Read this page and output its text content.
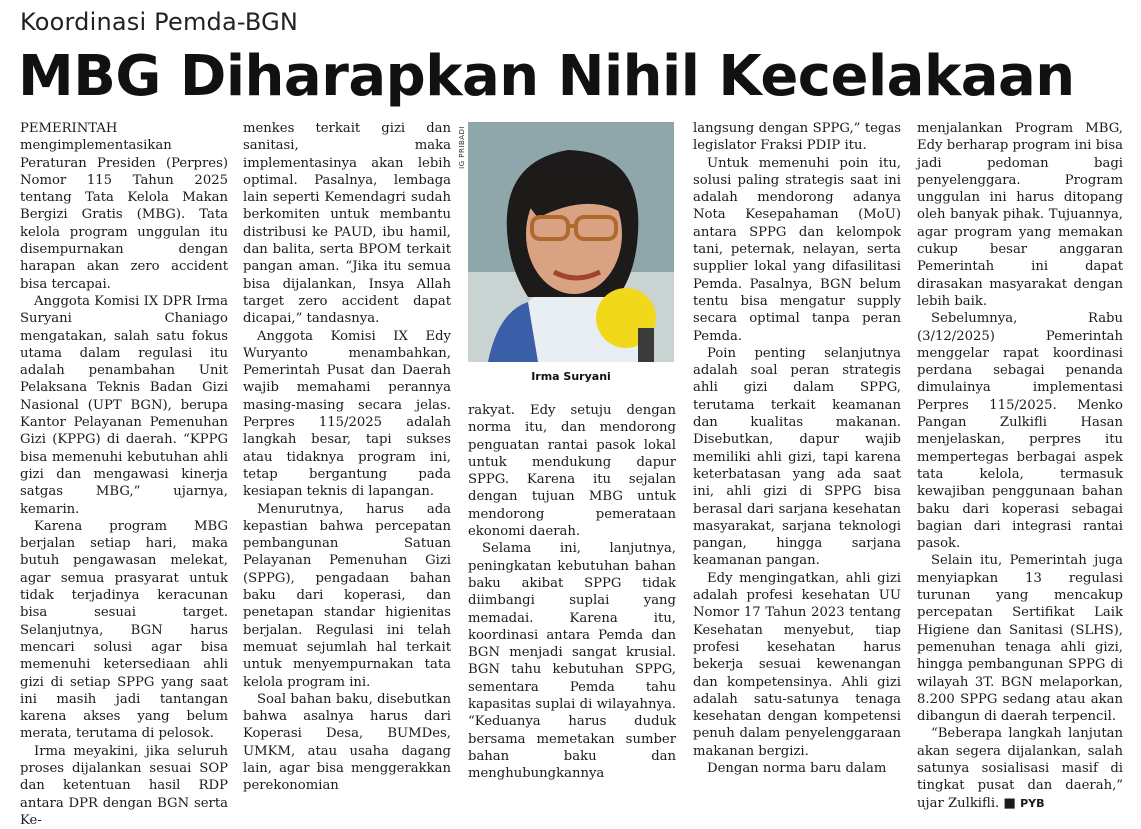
Koordinasi Pemda-BGN
MBG Diharapkan Nihil Kecelakaan

PEMERINTAH mengimplementasikan Peraturan Presiden (Perpres) Nomor 115 Tahun 2025 tentang Tata Kelola Makan Bergizi Gratis (MBG). Tata kelola program unggulan itu disempurnakan dengan harapan akan zero accident bisa tercapai.

Anggota Komisi IX DPR Irma Suryani Chaniago mengatakan, salah satu fokus utama dalam regulasi itu adalah penambahan Unit Pelaksana Teknis Badan Gizi Nasional (UPT BGN), berupa Kantor Pelayanan Pemenuhan Gizi (KPPG) di daerah. “KPPG bisa memenuhi kebutuhan ahli gizi dan mengawasi kinerja satgas MBG,” ujarnya, kemarin.

Karena program MBG berjalan setiap hari, maka butuh pengawasan melekat, agar semua prasyarat untuk tidak terjadinya keracunan bisa sesuai target. Selanjutnya, BGN harus mencari solusi agar bisa memenuhi ketersediaan ahli gizi di setiap SPPG yang saat ini masih jadi tantangan karena akses yang belum merata, terutama di pelosok.

Irma meyakini, jika seluruh proses dijalankan sesuai SOP dan ketentuan hasil RDP antara DPR dengan BGN serta Ke-

menkes terkait gizi dan sanitasi, maka implementasinya akan lebih optimal. Pasalnya, lembaga lain seperti Kemendagri sudah berkomiten untuk membantu distribusi ke PAUD, ibu hamil, dan balita, serta BPOM terkait pangan aman. “Jika itu semua bisa dijalankan, Insya Allah target zero accident dapat dicapai,” tandasnya.

Anggota Komisi IX Edy Wuryanto menambahkan, Pemerintah Pusat dan Daerah wajib memahami perannya masing-masing secara jelas. Perpres 115/2025 adalah langkah besar, tapi sukses atau tidaknya program ini, tetap bergantung pada kesiapan teknis di lapangan.

Menurutnya, harus ada kepastian bahwa percepatan pembangunan Satuan Pelayanan Pemenuhan Gizi (SPPG), pengadaan bahan baku dari koperasi, dan penetapan standar higienitas berjalan. Regulasi ini telah memuat sejumlah hal terkait untuk menyempurnakan tata kelola program ini.

Soal bahan baku, disebutkan bahwa asalnya harus dari Koperasi Desa, BUMDes, UMKM, atau usaha dagang lain, agar bisa menggerakkan perekonomian

IG PRIBADI
Irma Suryani

rakyat. Edy setuju dengan norma itu, dan mendorong penguatan rantai pasok lokal untuk mendukung dapur SPPG. Karena itu sejalan dengan tujuan MBG untuk mendorong pemerataan ekonomi daerah.

Selama ini, lanjutnya, peningkatan kebutuhan bahan baku akibat SPPG tidak diimbangi suplai yang memadai. Karena itu, koordinasi antara Pemda dan BGN menjadi sangat krusial. BGN tahu kebutuhan SPPG, sementara Pemda tahu kapasitas suplai di wilayahnya. “Keduanya harus duduk bersama memetakan sumber bahan baku dan menghubungkannya

langsung dengan SPPG,” tegas legislator Fraksi PDIP itu.

Untuk memenuhi poin itu, solusi paling strategis saat ini adalah mendorong adanya Nota Kesepahaman (MoU) antara SPPG dan kelompok tani, peternak, nelayan, serta supplier lokal yang difasilitasi Pemda. Pasalnya, BGN belum tentu bisa mengatur supply secara optimal tanpa peran Pemda.

Poin penting selanjutnya adalah soal peran strategis ahli gizi dalam SPPG, terutama terkait keamanan dan kualitas makanan. Disebutkan, dapur wajib memiliki ahli gizi, tapi karena keterbatasan yang ada saat ini, ahli gizi di SPPG bisa berasal dari sarjana kesehatan masyarakat, sarjana teknologi pangan, hingga sarjana keamanan pangan.

Edy mengingatkan, ahli gizi adalah profesi kesehatan UU Nomor 17 Tahun 2023 tentang Kesehatan menyebut, tiap profesi kesehatan harus bekerja sesuai kewenangan dan kompetensinya. Ahli gizi adalah satu-satunya tenaga kesehatan dengan kompetensi penuh dalam penyelenggaraan makanan bergizi.

Dengan norma baru dalam

menjalankan Program MBG, Edy berharap program ini bisa jadi pedoman bagi penyelenggara. Program unggulan ini harus ditopang oleh banyak pihak. Tujuannya, agar program yang memakan cukup besar anggaran Pemerintah ini dapat dirasakan masyarakat dengan lebih baik.

Sebelumnya, Rabu (3/12/2025) Pemerintah menggelar rapat koordinasi perdana sebagai penanda dimulainya implementasi Perpres 115/2025. Menko Pangan Zulkifli Hasan menjelaskan, perpres itu mempertegas berbagai aspek tata kelola, termasuk kewajiban penggunaan bahan baku dari koperasi sebagai bagian dari integrasi rantai pasok.

Selain itu, Pemerintah juga menyiapkan 13 regulasi turunan yang mencakup percepatan Sertifikat Laik Higiene dan Sanitasi (SLHS), pemenuhan tenaga ahli gizi, hingga pembangunan SPPG di wilayah 3T. BGN melaporkan, 8.200 SPPG sedang atau akan dibangun di daerah terpencil.

“Beberapa langkah lanjutan akan segera dijalankan, salah satunya sosialisasi masif di tingkat pusat dan daerah,” ujar Zulkifli. ■ PYB
